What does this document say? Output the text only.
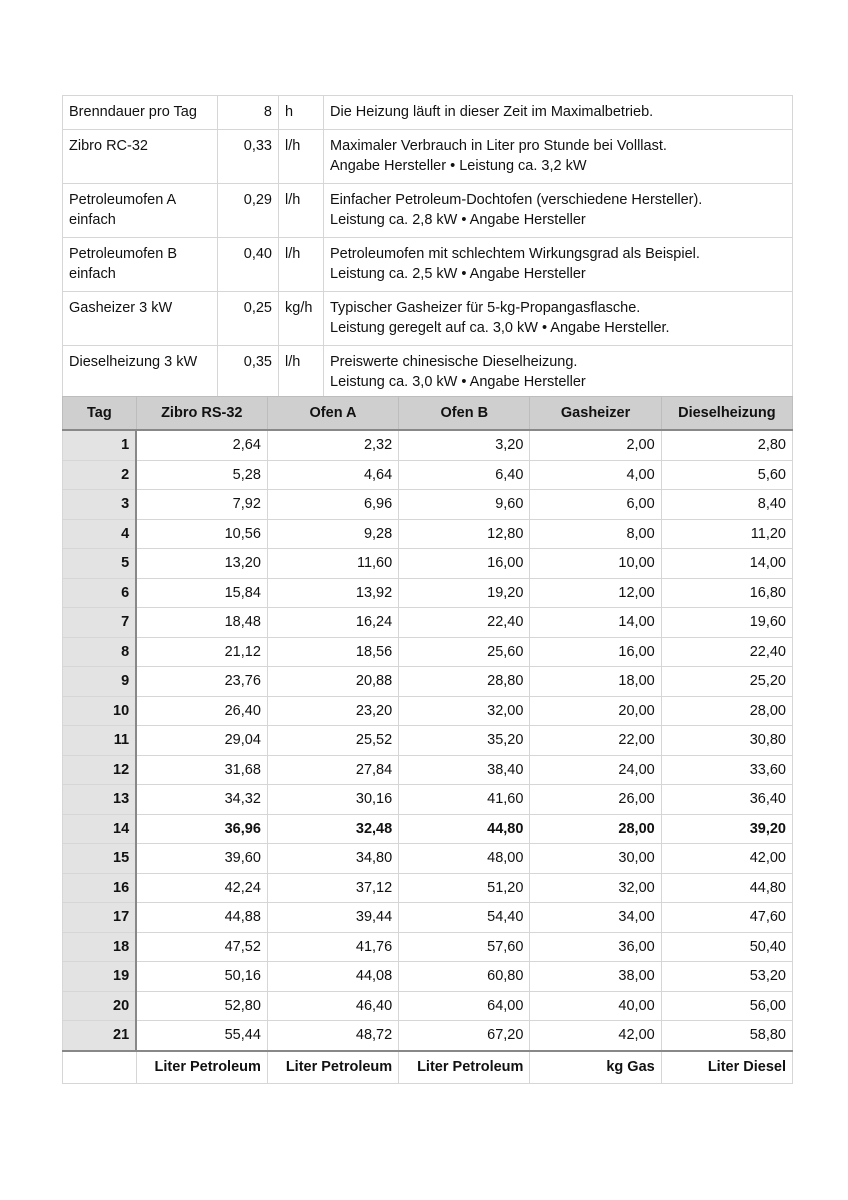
Brenndauer pro Tag	8	h	Die Heizung läuft in dieser Zeit im Maximalbetrieb.

Zibro RC-32	0,33	l/h	Maximaler Verbrauch in Liter pro Stunde bei Volllast.
Angabe Hersteller • Leistung ca. 3,2 kW

Petroleumofen A einfach	0,29	l/h	Einfacher Petroleum-Dochtofen (verschiedene Hersteller).
Leistung ca. 2,8 kW • Angabe Hersteller

Petroleumofen B einfach	0,40	l/h	Petroleumofen mit schlechtem Wirkungsgrad als Beispiel.
Leistung ca. 2,5 kW • Angabe Hersteller

Gasheizer 3 kW	0,25	kg/h	Typischer Gasheizer für 5-kg-Propangasflasche.
Leistung geregelt auf ca. 3,0 kW • Angabe Hersteller.

Dieselheizung 3 kW	0,35	l/h	Preiswerte chinesische Dieselheizung.
Leistung ca. 3,0 kW • Angabe Hersteller
Tag	Zibro RS-32	Ofen A	Ofen B	Gasheizer	Dieselheizung
1	2,64	2,32	3,20	2,00	2,80
2	5,28	4,64	6,40	4,00	5,60
3	7,92	6,96	9,60	6,00	8,40
4	10,56	9,28	12,80	8,00	11,20
5	13,20	11,60	16,00	10,00	14,00
6	15,84	13,92	19,20	12,00	16,80
7	18,48	16,24	22,40	14,00	19,60
8	21,12	18,56	25,60	16,00	22,40
9	23,76	20,88	28,80	18,00	25,20
10	26,40	23,20	32,00	20,00	28,00
11	29,04	25,52	35,20	22,00	30,80
12	31,68	27,84	38,40	24,00	33,60
13	34,32	30,16	41,60	26,00	36,40
14	36,96	32,48	44,80	28,00	39,20
15	39,60	34,80	48,00	30,00	42,00
16	42,24	37,12	51,20	32,00	44,80
17	44,88	39,44	54,40	34,00	47,60
18	47,52	41,76	57,60	36,00	50,40
19	50,16	44,08	60,80	38,00	53,20
20	52,80	46,40	64,00	40,00	56,00
21	55,44	48,72	67,20	42,00	58,80
	Liter Petroleum	Liter Petroleum	Liter Petroleum	kg Gas	Liter Diesel
